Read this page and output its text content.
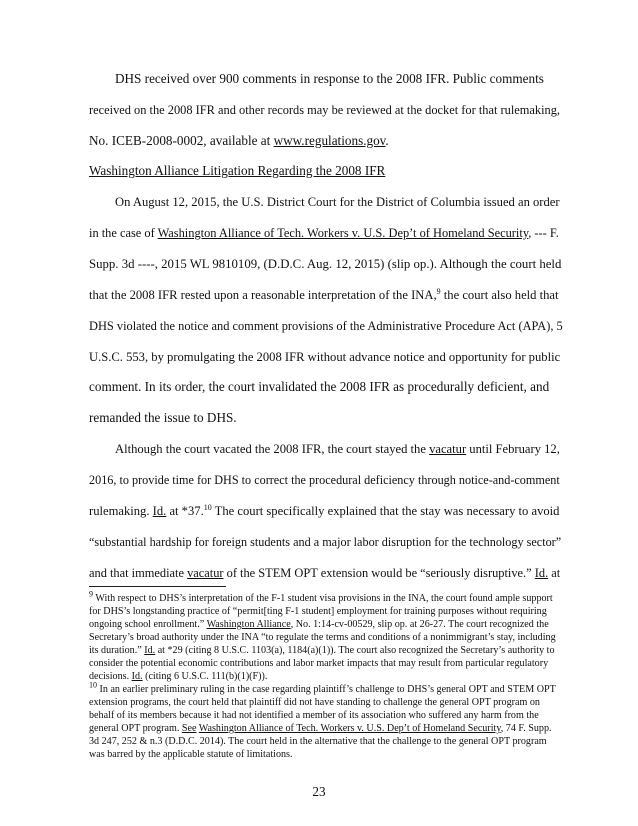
DHS received over 900 comments in response to the 2008 IFR. Public comments
received on the 2008 IFR and other records may be reviewed at the docket for that rulemaking,
No. ICEB-2008-0002, available at www.regulations.gov.
Washington Alliance Litigation Regarding the 2008 IFR
On August 12, 2015, the U.S. District Court for the District of Columbia issued an order
in the case of Washington Alliance of Tech. Workers v. U.S. Dep’t of Homeland Security, --- F.
Supp. 3d ----, 2015 WL 9810109, (D.D.C. Aug. 12, 2015) (slip op.). Although the court held
that the 2008 IFR rested upon a reasonable interpretation of the INA,$^9$ the court also held that
DHS violated the notice and comment provisions of the Administrative Procedure Act (APA), 5
U.S.C. 553, by promulgating the 2008 IFR without advance notice and opportunity for public
comment. In its order, the court invalidated the 2008 IFR as procedurally deficient, and
remanded the issue to DHS.
Although the court vacated the 2008 IFR, the court stayed the vacatur until February 12,
2016, to provide time for DHS to correct the procedural deficiency through notice-and-comment
rulemaking. Id. at *37.10 The court specifically explained that the stay was necessary to avoid
“substantial hardship for foreign students and a major labor disruption for the technology sector”
and that immediate vacatur of the STEM OPT extension would be “seriously disruptive.” Id. at
$^9$ With respect to DHS’s interpretation of the F-1 student visa provisions in the INA, the court found ample support
for DHS’s longstanding practice of “permit[ting F-1 student] employment for training purposes without requiring
ongoing school enrollment.” Washington Alliance, No. 1:14-cv-00529, slip op. at 26-27. The court recognized the
Secretary’s broad authority under the INA “to regulate the terms and conditions of a nonimmigrant’s stay, including
its duration.” Id. at *29 (citing 8 U.S.C. 1103(a), 1184(a)(1)). The court also recognized the Secretary’s authority to
consider the potential economic contributions and labor market impacts that may result from particular regulatory
decisions. Id. (citing 6 U.S.C. 111(b)(1)(F)).
$^{10}$ In an earlier preliminary ruling in the case regarding plaintiff’s challenge to DHS’s general OPT and STEM OPT
extension programs, the court held that plaintiff did not have standing to challenge the general OPT program on
behalf of its members because it had not identified a member of its association who suffered any harm from the
general OPT program. See Washington Alliance of Tech. Workers v. U.S. Dep’t of Homeland Security, 74 F. Supp.
3d 247, 252 & n.3 (D.D.C. 2014). The court held in the alternative that the challenge to the general OPT program
was barred by the applicable statute of limitations.
23
